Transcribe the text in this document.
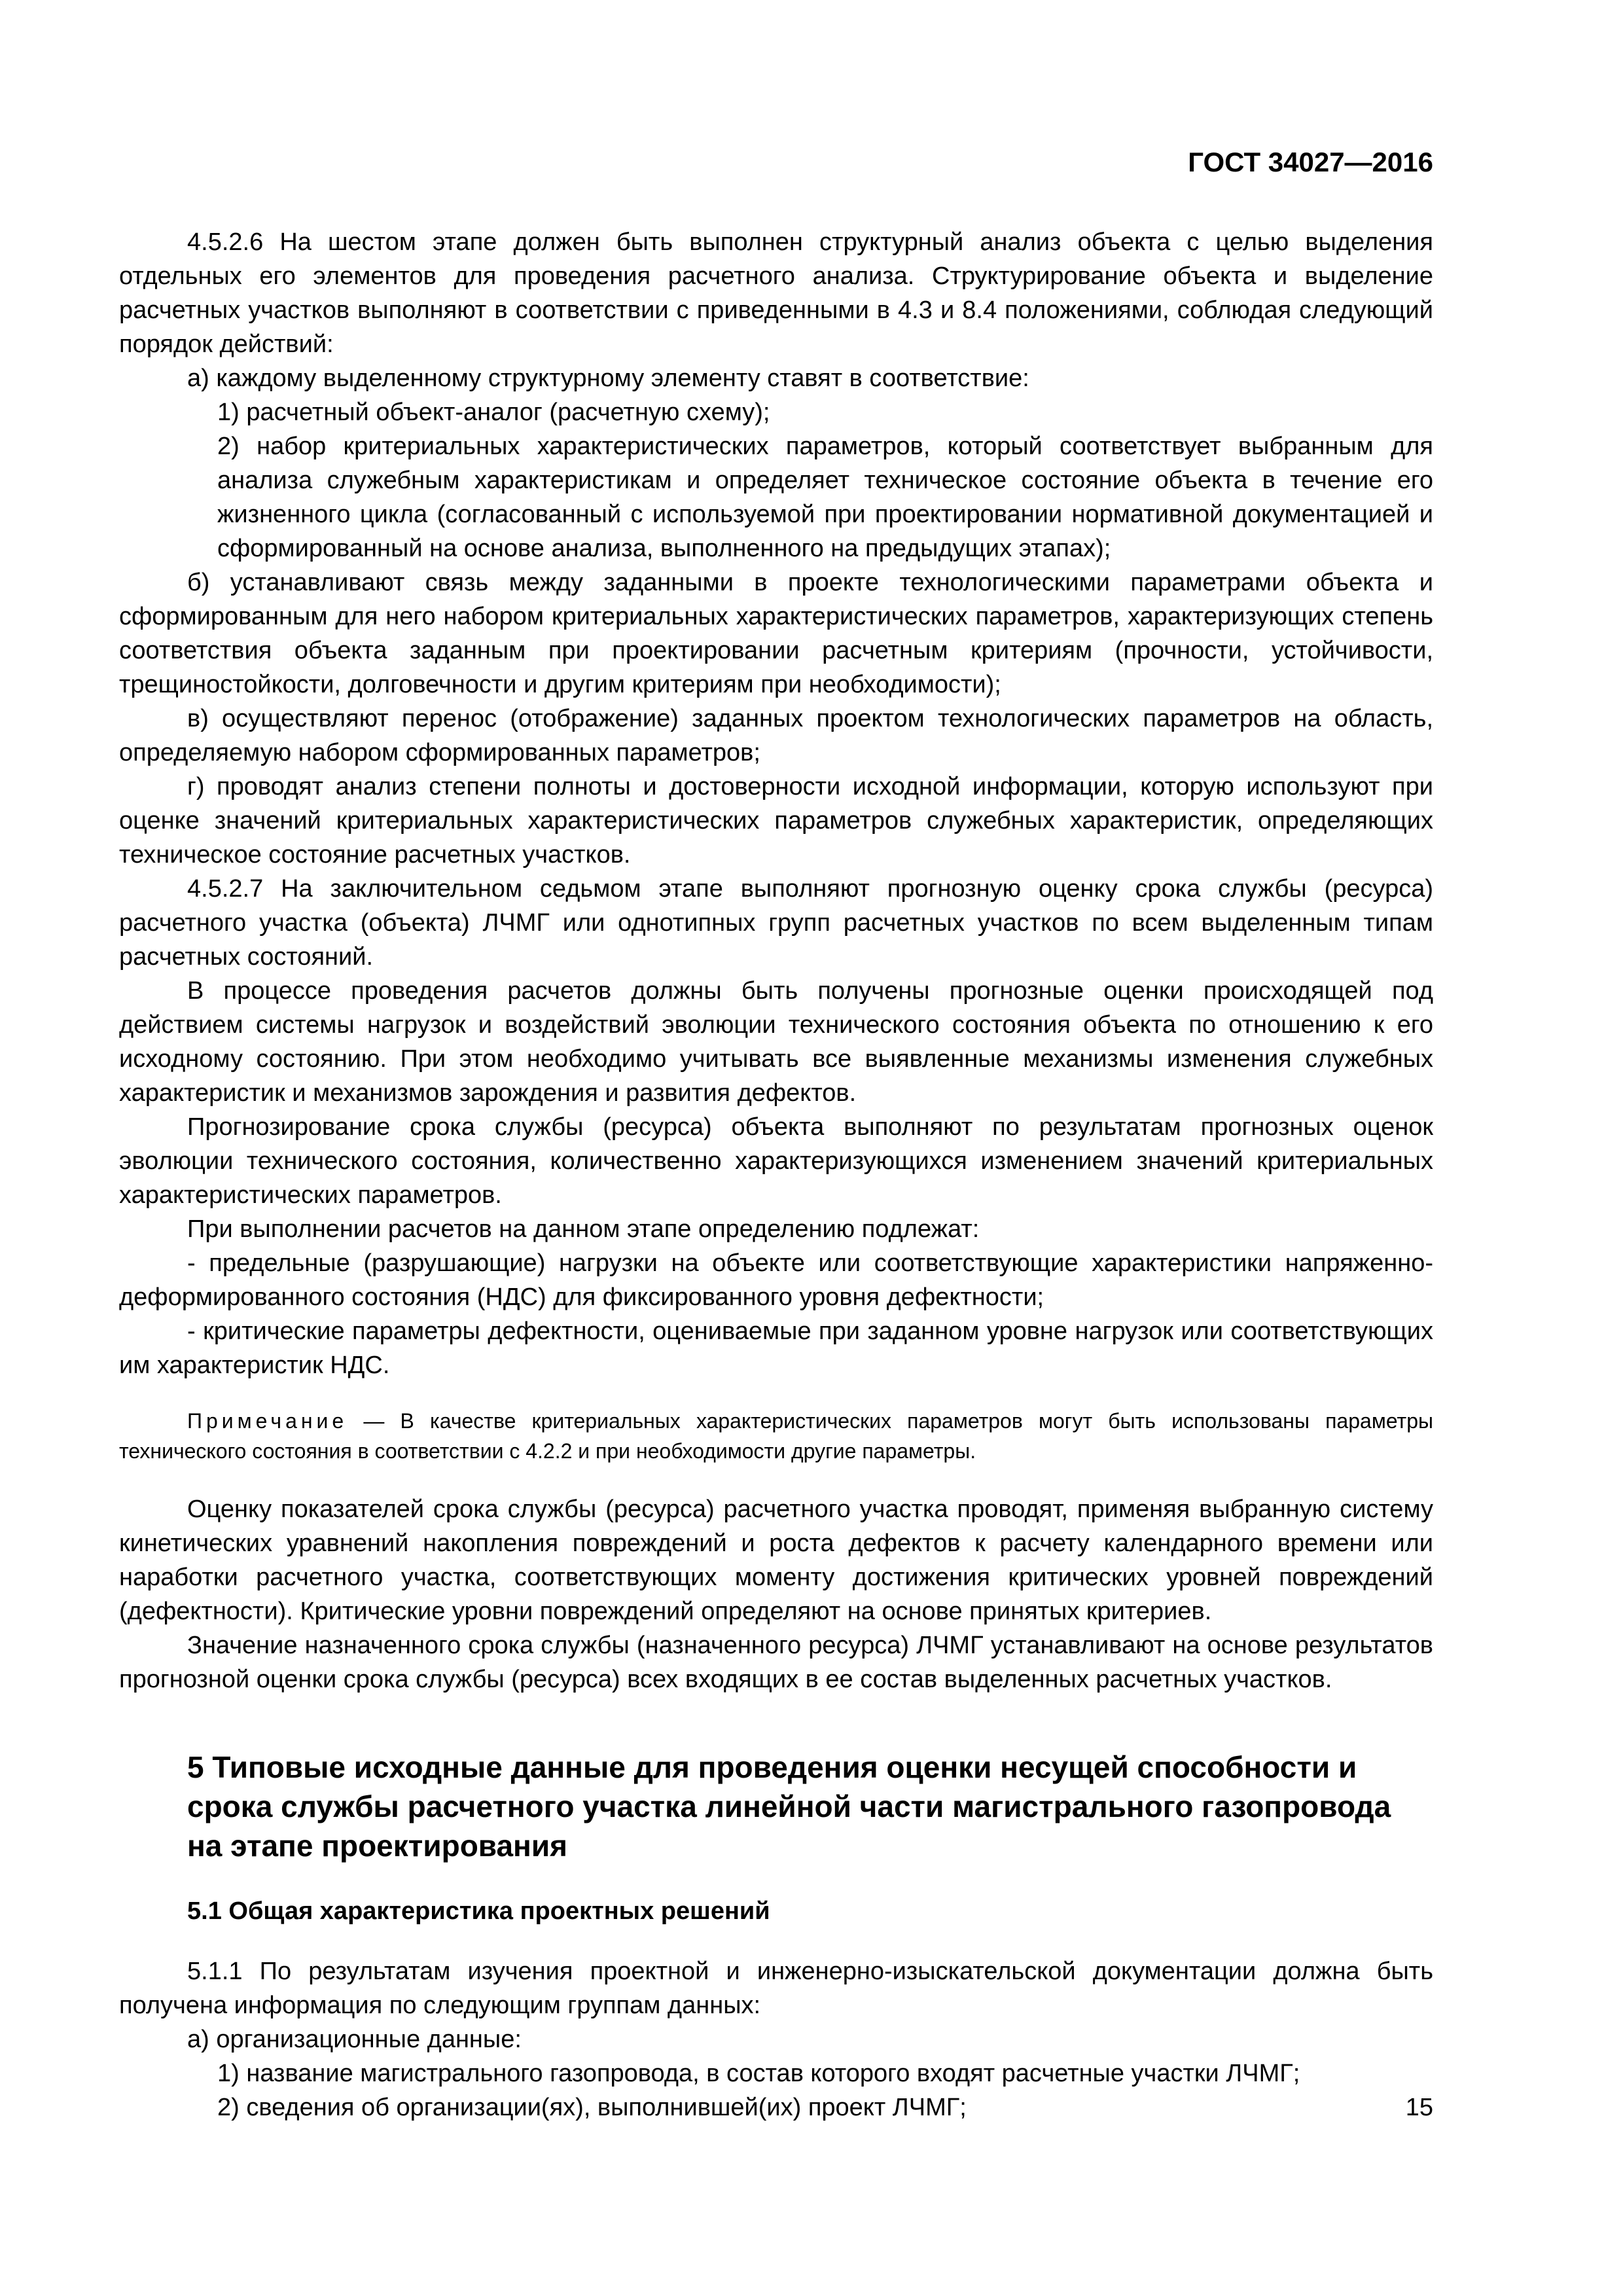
ГОСТ 34027—2016

4.5.2.6 На шестом этапе должен быть выполнен структурный анализ объекта с целью выделения отдельных его элементов для проведения расчетного анализа. Структурирование объекта и выделение расчетных участков выполняют в соответствии с приведенными в 4.3 и 8.4 положениями, соблюдая следующий порядок действий:

а) каждому выделенному структурному элементу ставят в соответствие:

1) расчетный объект-аналог (расчетную схему);

2) набор критериальных характеристических параметров, который соответствует выбранным для анализа служебным характеристикам и определяет техническое состояние объекта в течение его жизненного цикла (согласованный с используемой при проектировании нормативной документацией и сформированный на основе анализа, выполненного на предыдущих этапах);

б) устанавливают связь между заданными в проекте технологическими параметрами объекта и сформированным для него набором критериальных характеристических параметров, характеризующих степень соответствия объекта заданным при проектировании расчетным критериям (прочности, устойчивости, трещиностойкости, долговечности и другим критериям при необходимости);

в) осуществляют перенос (отображение) заданных проектом технологических параметров на область, определяемую набором сформированных параметров;

г) проводят анализ степени полноты и достоверности исходной информации, которую используют при оценке значений критериальных характеристических параметров служебных характеристик, определяющих техническое состояние расчетных участков.

4.5.2.7 На заключительном седьмом этапе выполняют прогнозную оценку срока службы (ресурса) расчетного участка (объекта) ЛЧМГ или однотипных групп расчетных участков по всем выделенным типам расчетных состояний.

В процессе проведения расчетов должны быть получены прогнозные оценки происходящей под действием системы нагрузок и воздействий эволюции технического состояния объекта по отношению к его исходному состоянию. При этом необходимо учитывать все выявленные механизмы изменения служебных характеристик и механизмов зарождения и развития дефектов.

Прогнозирование срока службы (ресурса) объекта выполняют по результатам прогнозных оценок эволюции технического состояния, количественно характеризующихся изменением значений критериальных характеристических параметров.

При выполнении расчетов на данном этапе определению подлежат:

- предельные (разрушающие) нагрузки на объекте или соответствующие характеристики напряженно-деформированного состояния (НДС) для фиксированного уровня дефектности;

- критические параметры дефектности, оцениваемые при заданном уровне нагрузок или соответствующих им характеристик НДС.

Примечание — В качестве критериальных характеристических параметров могут быть использованы параметры технического состояния в соответствии с 4.2.2 и при необходимости другие параметры.

Оценку показателей срока службы (ресурса) расчетного участка проводят, применяя выбранную систему кинетических уравнений накопления повреждений и роста дефектов к расчету календарного времени или наработки расчетного участка, соответствующих моменту достижения критических уровней повреждений (дефектности). Критические уровни повреждений определяют на основе принятых критериев.

Значение назначенного срока службы (назначенного ресурса) ЛЧМГ устанавливают на основе результатов прогнозной оценки срока службы (ресурса) всех входящих в ее состав выделенных расчетных участков.

5 Типовые исходные данные для проведения оценки несущей способности и срока службы расчетного участка линейной части магистрального газопровода на этапе проектирования
5.1 Общая характеристика проектных решений

5.1.1 По результатам изучения проектной и инженерно-изыскательской документации должна быть получена информация по следующим группам данных:

а) организационные данные:

1) название магистрального газопровода, в состав которого входят расчетные участки ЛЧМГ;

2) сведения об организации(ях), выполнившей(их) проект ЛЧМГ;	15
